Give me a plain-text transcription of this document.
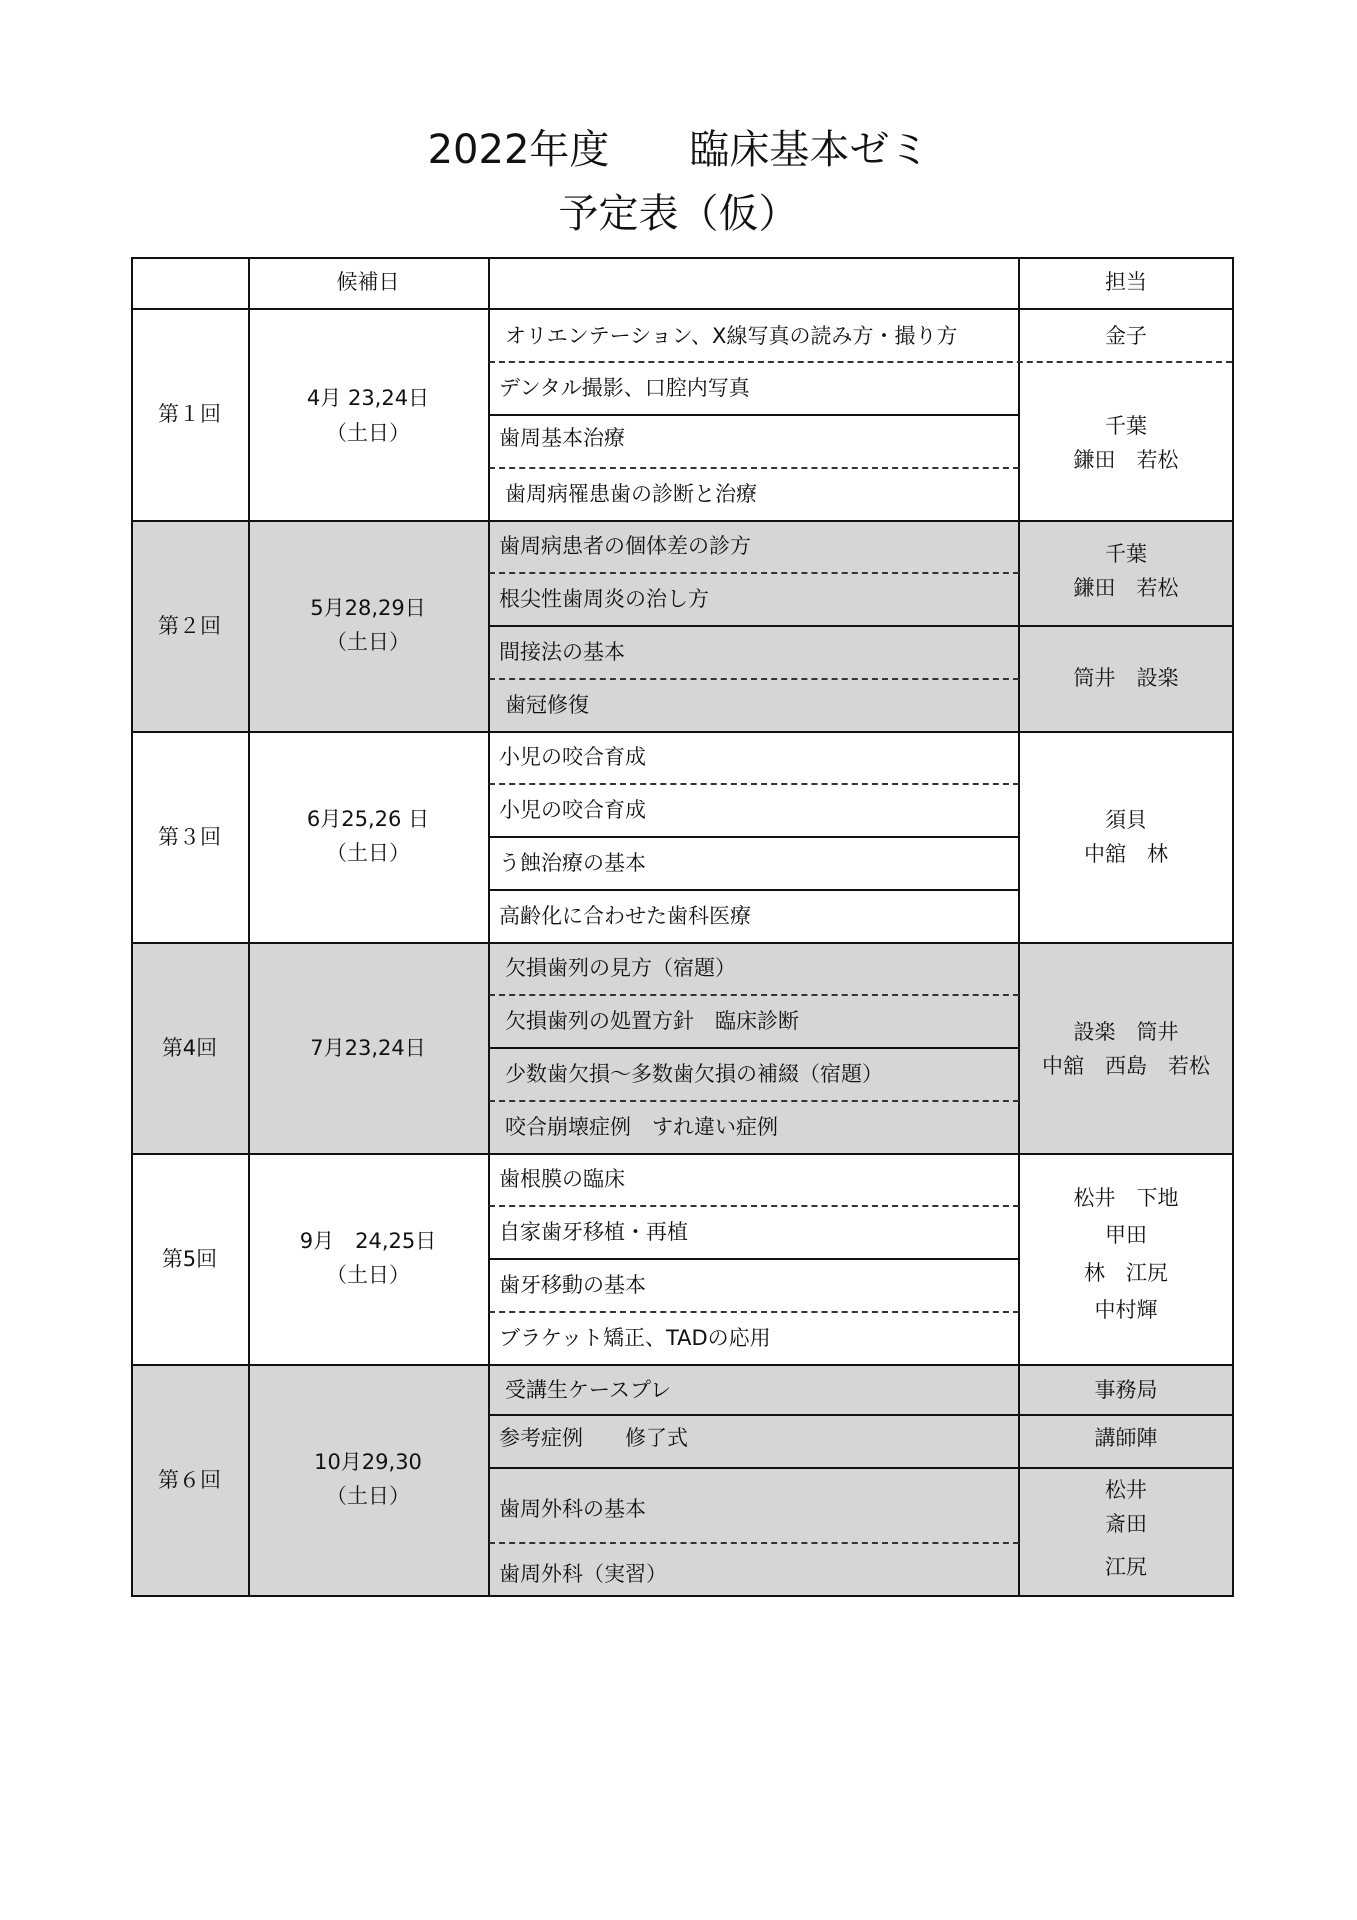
2022年度 臨床基本ゼミ
予定表（仮）
候補日	担当
第１回
4月 23,24日
（土日）
オリエンテーション、X線写真の読み方・撮り方
デンタル撮影、口腔内写真
歯周基本治療
歯周病罹患歯の診断と治療
金子
千葉
鎌田　若松
第２回
5月28,29日
（土日）
歯周病患者の個体差の診方
根尖性歯周炎の治し方
間接法の基本
歯冠修復
千葉
鎌田　若松
筒井　設楽
第３回
6月25,26 日
（土日）
小児の咬合育成
小児の咬合育成
う蝕治療の基本
高齢化に合わせた歯科医療
須貝
中舘　林
第4回	7月23,24日
欠損歯列の見方（宿題）
欠損歯列の処置方針　臨床診断
少数歯欠損〜多数歯欠損の補綴（宿題）
咬合崩壊症例　すれ違い症例
設楽　筒井
中舘　西島　若松
第5回
9月　24,25日
（土日）
歯根膜の臨床
自家歯牙移植・再植
歯牙移動の基本
ブラケット矯正、TADの応用
松井　下地
甲田
林　江尻
中村輝
第６回
10月29,30
（土日）
受講生ケースプレ
参考症例　　修了式
歯周外科の基本
歯周外科（実習）
事務局
講師陣
松井
斎田
江尻
